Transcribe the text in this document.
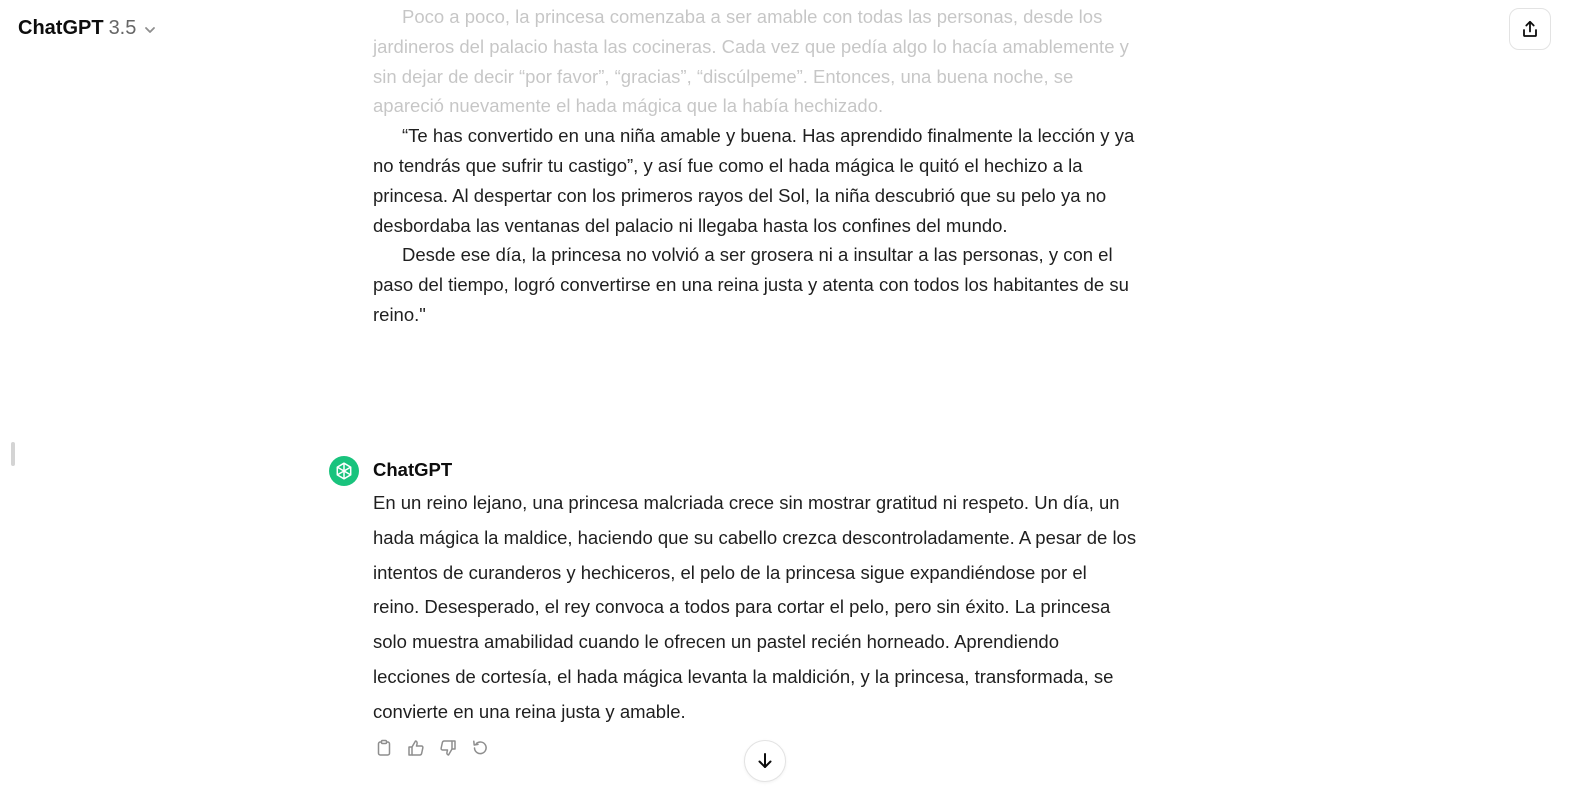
ChatGPT 3.5

Poco a poco, la princesa comenzaba a ser amable con todas las personas, desde los jardineros del palacio hasta las cocineras. Cada vez que pedía algo lo hacía amablemente y sin dejar de decir “por favor”, “gracias”, “discúlpeme”. Entonces, una buena noche, se apareció nuevamente el hada mágica que la había hechizado.

“Te has convertido en una niña amable y buena. Has aprendido finalmente la lección y ya no tendrás que sufrir tu castigo”, y así fue como el hada mágica le quitó el hechizo a la princesa. Al despertar con los primeros rayos del Sol, la niña descubrió que su pelo ya no desbordaba las ventanas del palacio ni llegaba hasta los confines del mundo.

Desde ese día, la princesa no volvió a ser grosera ni a insultar a las personas, y con el paso del tiempo, logró convertirse en una reina justa y atenta con todos los habitantes de su reino."

ChatGPT

En un reino lejano, una princesa malcriada crece sin mostrar gratitud ni respeto. Un día, un hada mágica la maldice, haciendo que su cabello crezca descontroladamente. A pesar de los intentos de curanderos y hechiceros, el pelo de la princesa sigue expandiéndose por el reino. Desesperado, el rey convoca a todos para cortar el pelo, pero sin éxito. La princesa solo muestra amabilidad cuando le ofrecen un pastel recién horneado. Aprendiendo lecciones de cortesía, el hada mágica levanta la maldición, y la princesa, transformada, se convierte en una reina justa y amable.
